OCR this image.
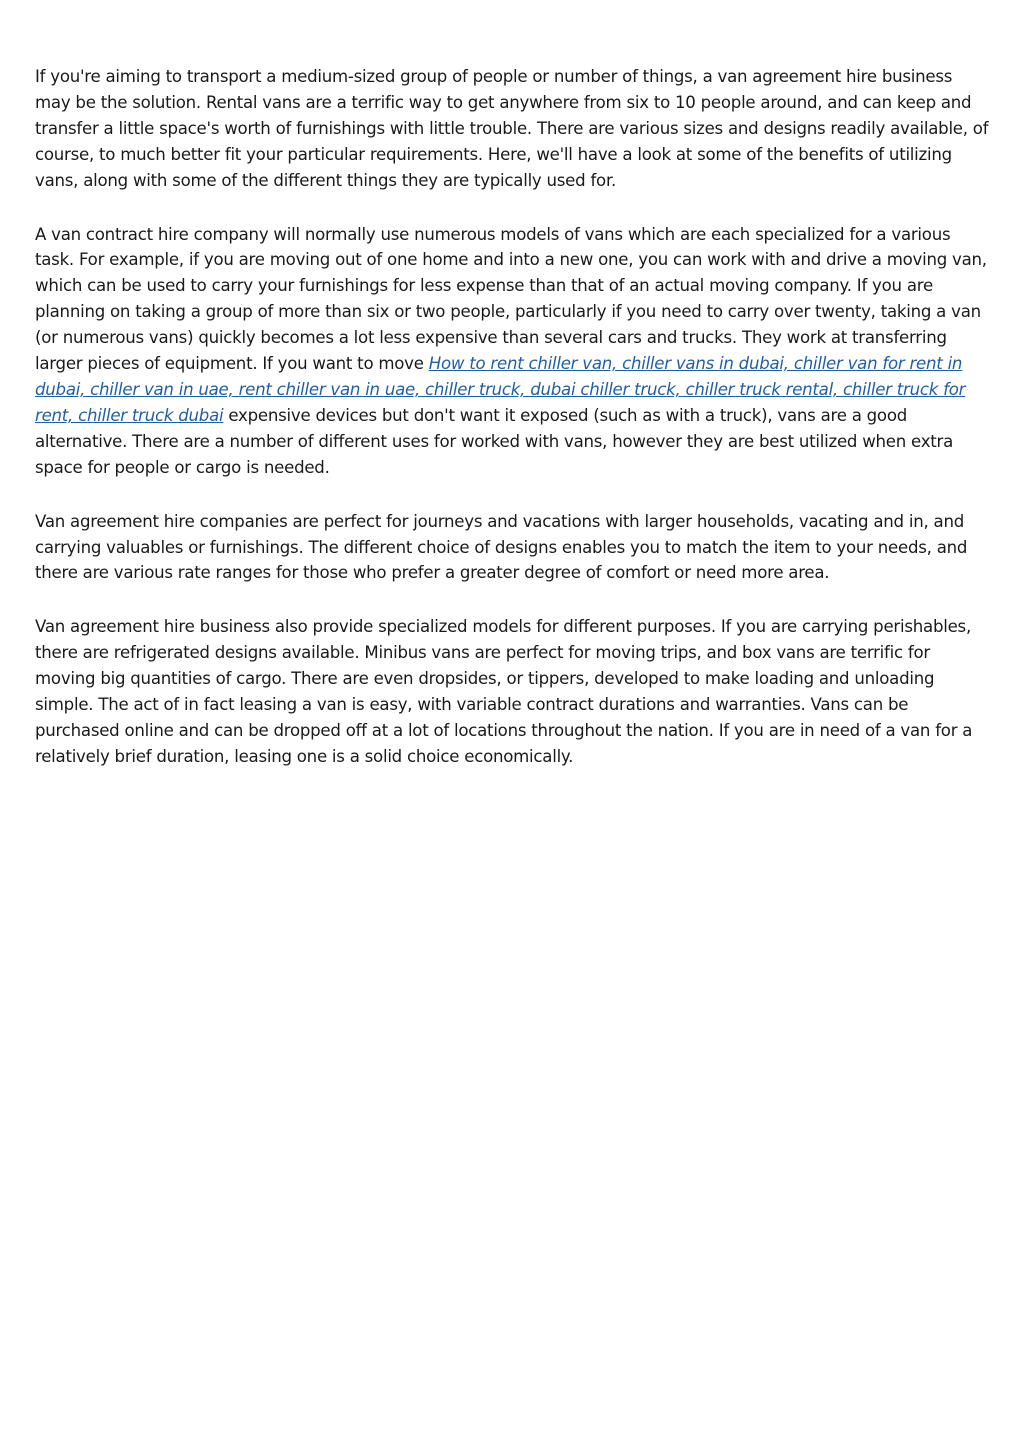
If you're aiming to transport a medium-sized group of people or number of things, a van agreement hire business may be the solution. Rental vans are a terrific way to get anywhere from six to 10 people around, and can keep and transfer a little space's worth of furnishings with little trouble. There are various sizes and designs readily available, of course, to much better fit your particular requirements. Here, we'll have a look at some of the benefits of utilizing vans, along with some of the different things they are typically used for.

A van contract hire company will normally use numerous models of vans which are each specialized for a various task. For example, if you are moving out of one home and into a new one, you can work with and drive a moving van, which can be used to carry your furnishings for less expense than that of an actual moving company. If you are planning on taking a group of more than six or two people, particularly if you need to carry over twenty, taking a van (or numerous vans) quickly becomes a lot less expensive than several cars and trucks. They work at transferring larger pieces of equipment. If you want to move How to rent chiller van, chiller vans in dubai, chiller van for rent in dubai, chiller van in uae, rent chiller van in uae, chiller truck, dubai chiller truck, chiller truck rental, chiller truck for rent, chiller truck dubai expensive devices but don't want it exposed (such as with a truck), vans are a good alternative. There are a number of different uses for worked with vans, however they are best utilized when extra space for people or cargo is needed.

Van agreement hire companies are perfect for journeys and vacations with larger households, vacating and in, and carrying valuables or furnishings. The different choice of designs enables you to match the item to your needs, and there are various rate ranges for those who prefer a greater degree of comfort or need more area.

Van agreement hire business also provide specialized models for different purposes. If you are carrying perishables, there are refrigerated designs available. Minibus vans are perfect for moving trips, and box vans are terrific for moving big quantities of cargo. There are even dropsides, or tippers, developed to make loading and unloading simple. The act of in fact leasing a van is easy, with variable contract durations and warranties. Vans can be purchased online and can be dropped off at a lot of locations throughout the nation. If you are in need of a van for a relatively brief duration, leasing one is a solid choice economically.
